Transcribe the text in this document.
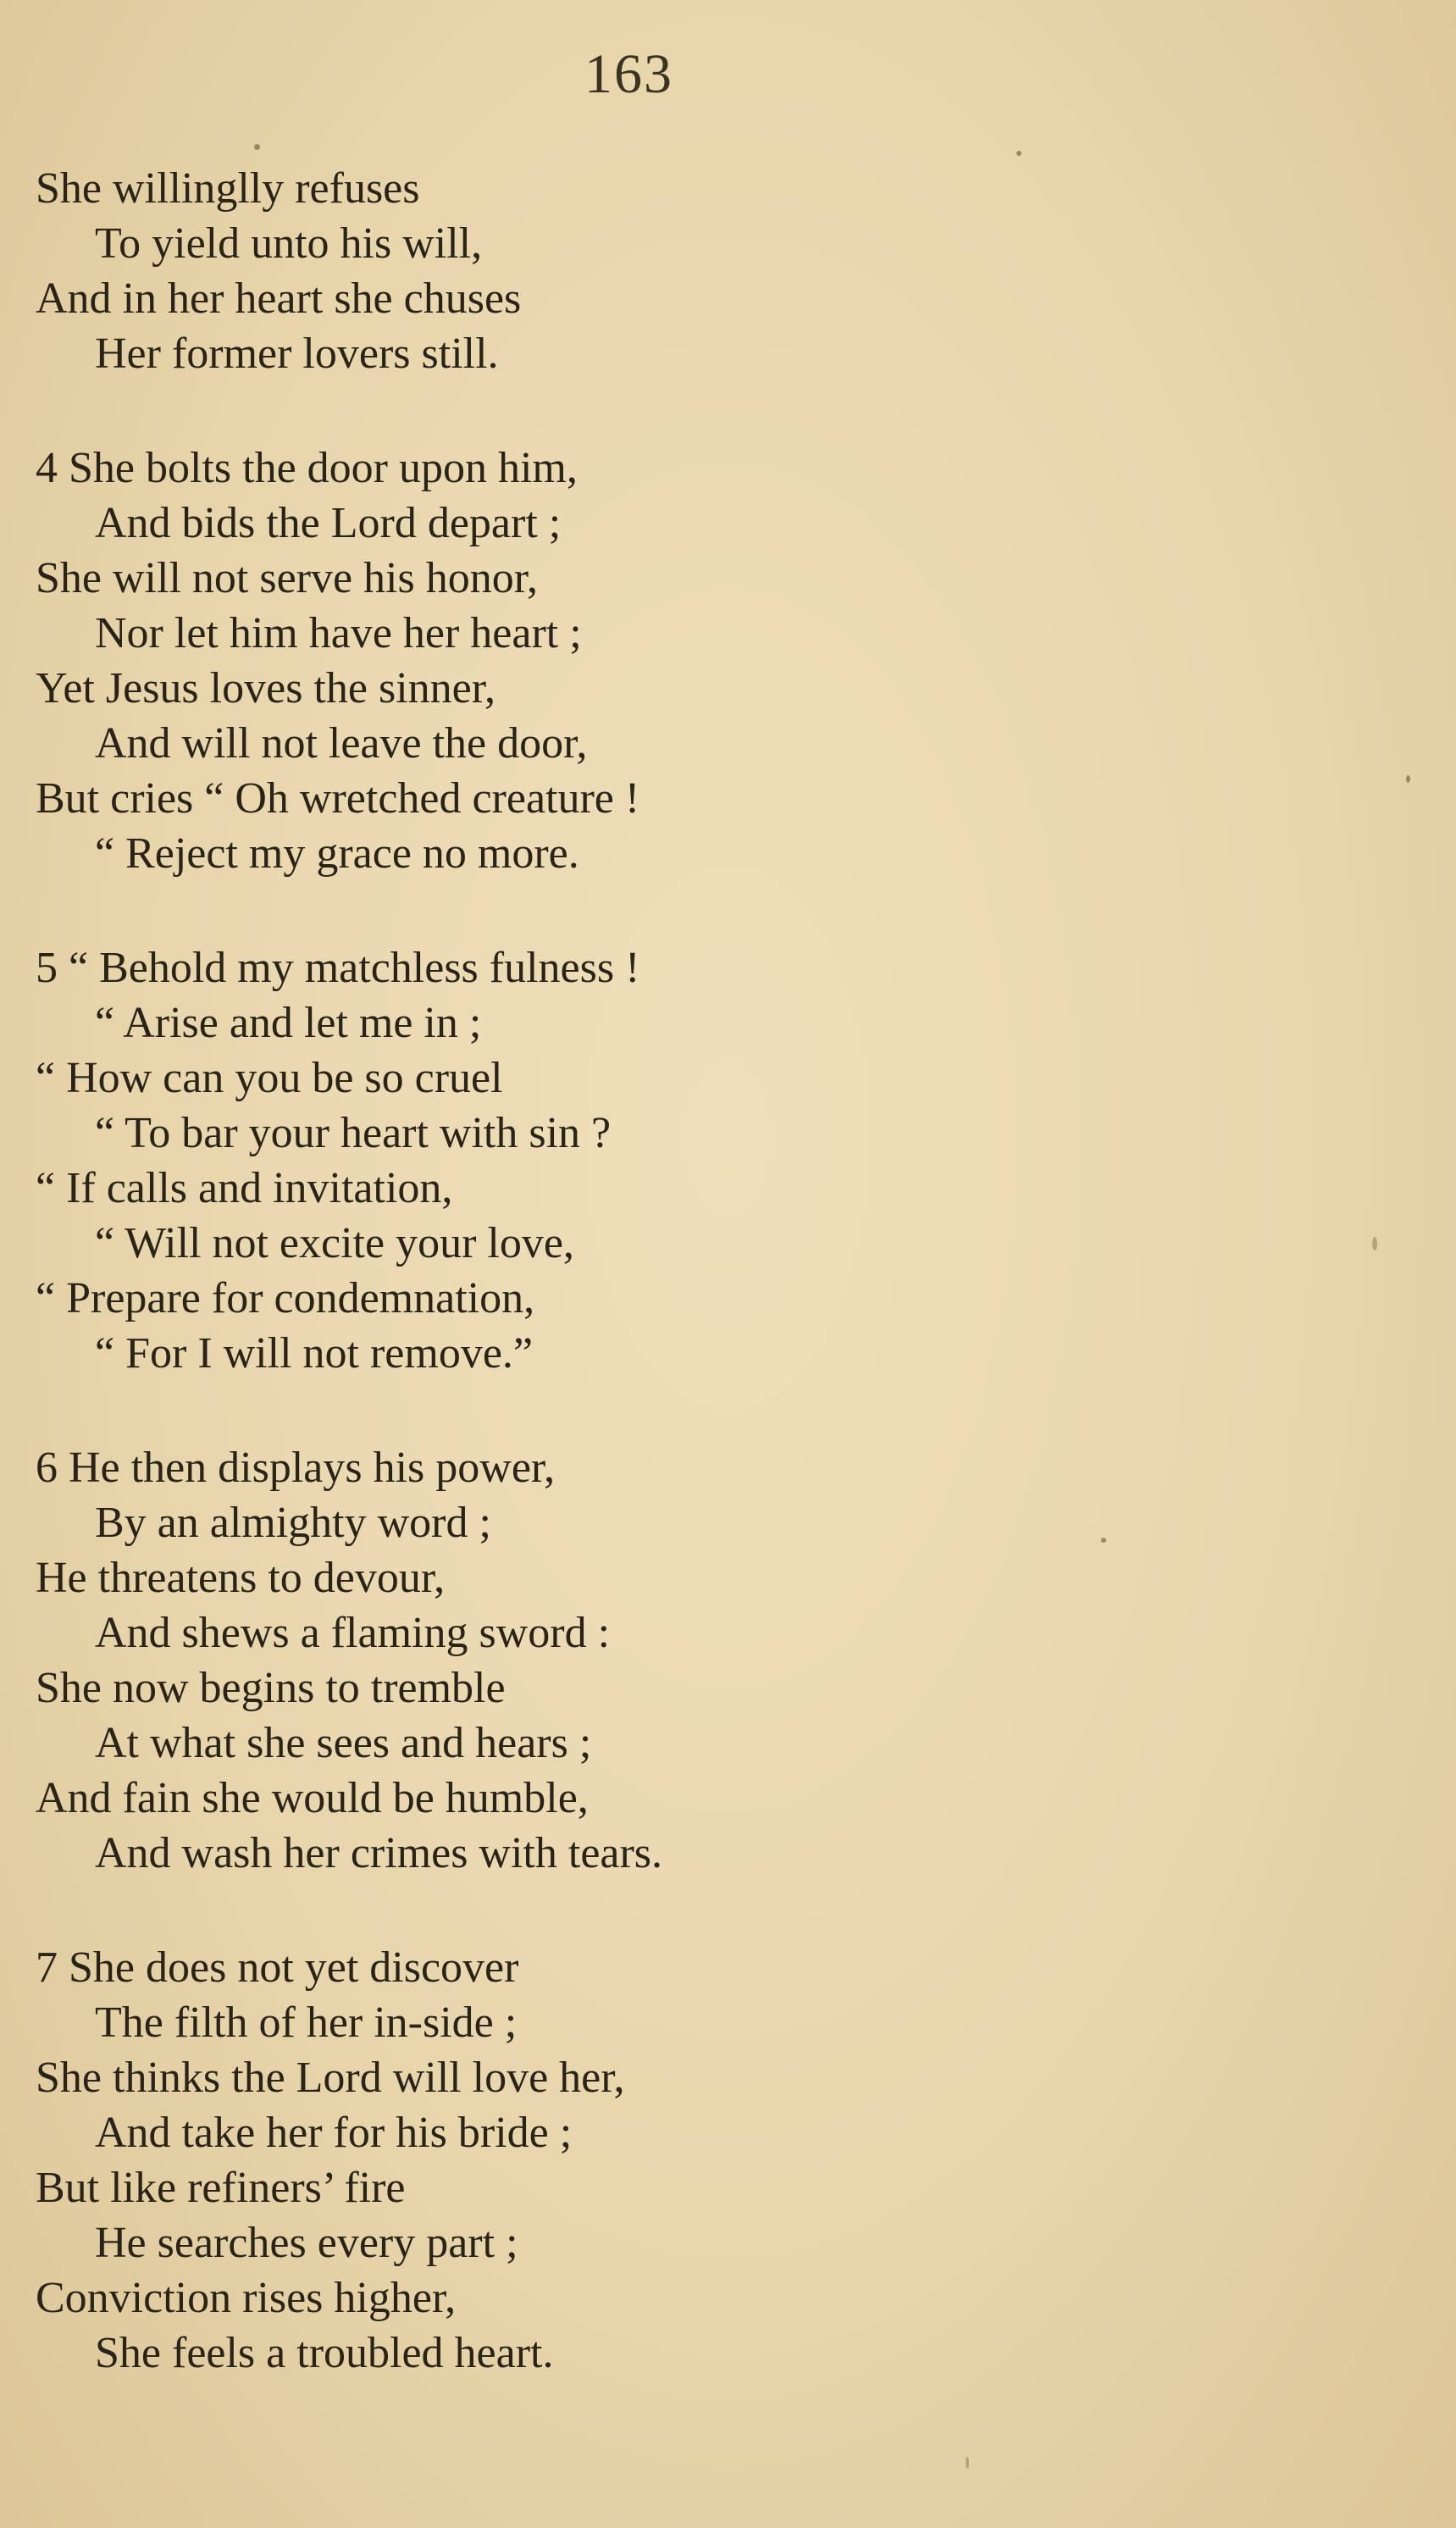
163
She willinglly refuses
To yield unto his will,
And in her heart she chuses
Her former lovers still.
4 She bolts the door upon him,
And bids the Lord depart ;
She will not serve his honor,
Nor let him have her heart ;
Yet Jesus loves the sinner,
And will not leave the door,
But cries “ Oh wretched creature !
“ Reject my grace no more.
5 “ Behold my matchless fulness !
“ Arise and let me in ;
“ How can you be so cruel
“ To bar your heart with sin ?
“ If calls and invitation,
“ Will not excite your love,
“ Prepare for condemnation,
“ For I will not remove.”
6 He then displays his power,
By an almighty word ;
He threatens to devour,
And shews a flaming sword :
She now begins to tremble
At what she sees and hears ;
And fain she would be humble,
And wash her crimes with tears.
7 She does not yet discover
The filth of her in-side ;
She thinks the Lord will love her,
And take her for his bride ;
But like refiners’ fire
He searches every part ;
Conviction rises higher,
She feels a troubled heart.
